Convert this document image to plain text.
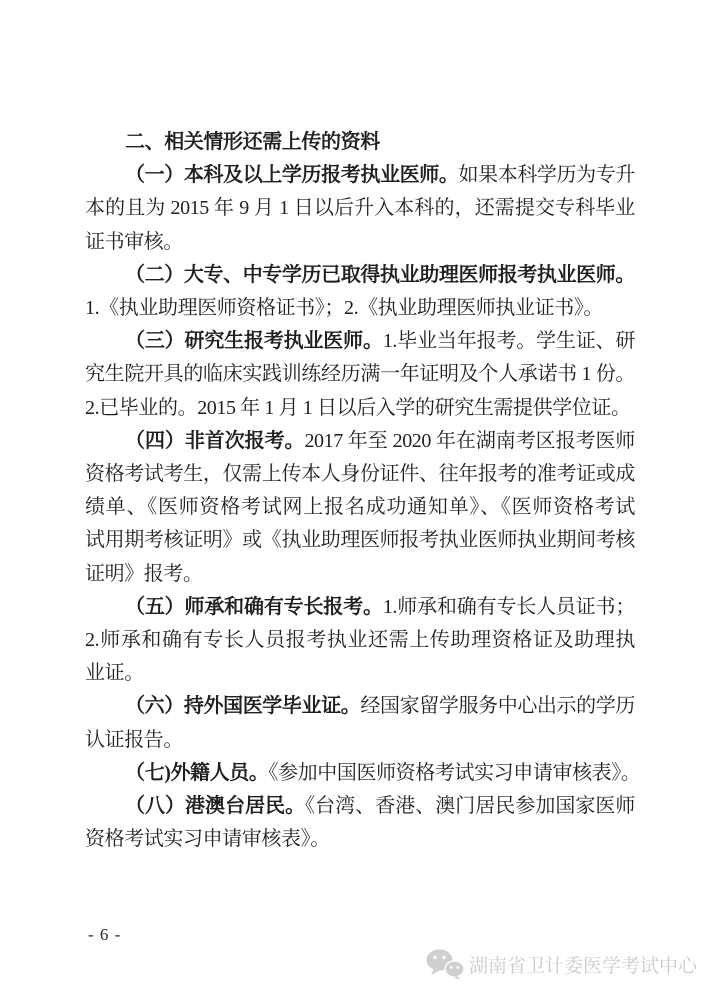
二、相关情形还需上传的资料
（一）本科及以上学历报考执业医师。如果本科学历为专升
本的且为 2015 年 9 月 1 日以后升入本科的，还需提交专科毕业
证书审核。
（二）大专、中专学历已取得执业助理医师报考执业医师。
1.《执业助理医师资格证书》；2.《执业助理医师执业证书》。
（三）研究生报考执业医师。1.毕业当年报考。学生证、研
究生院开具的临床实践训练经历满一年证明及个人承诺书 1 份。
2.已毕业的。2015 年 1 月 1 日以后入学的研究生需提供学位证。
（四）非首次报考。2017 年至 2020 年在湖南考区报考医师
资格考试考生，仅需上传本人身份证件、往年报考的准考证或成
绩单、《医师资格考试网上报名成功通知单》、《医师资格考试
试用期考核证明》或《执业助理医师报考执业医师执业期间考核
证明》报考。
（五）师承和确有专长报考。1.师承和确有专长人员证书；
2.师承和确有专长人员报考执业还需上传助理资格证及助理执
业证。
（六）持外国医学毕业证。经国家留学服务中心出示的学历
认证报告。
（七)外籍人员。《参加中国医师资格考试实习申请审核表》。
（八）港澳台居民。《台湾、香港、澳门居民参加国家医师
资格考试实习申请审核表》。
- 6 -
湖南省卫计委医学考试中心
